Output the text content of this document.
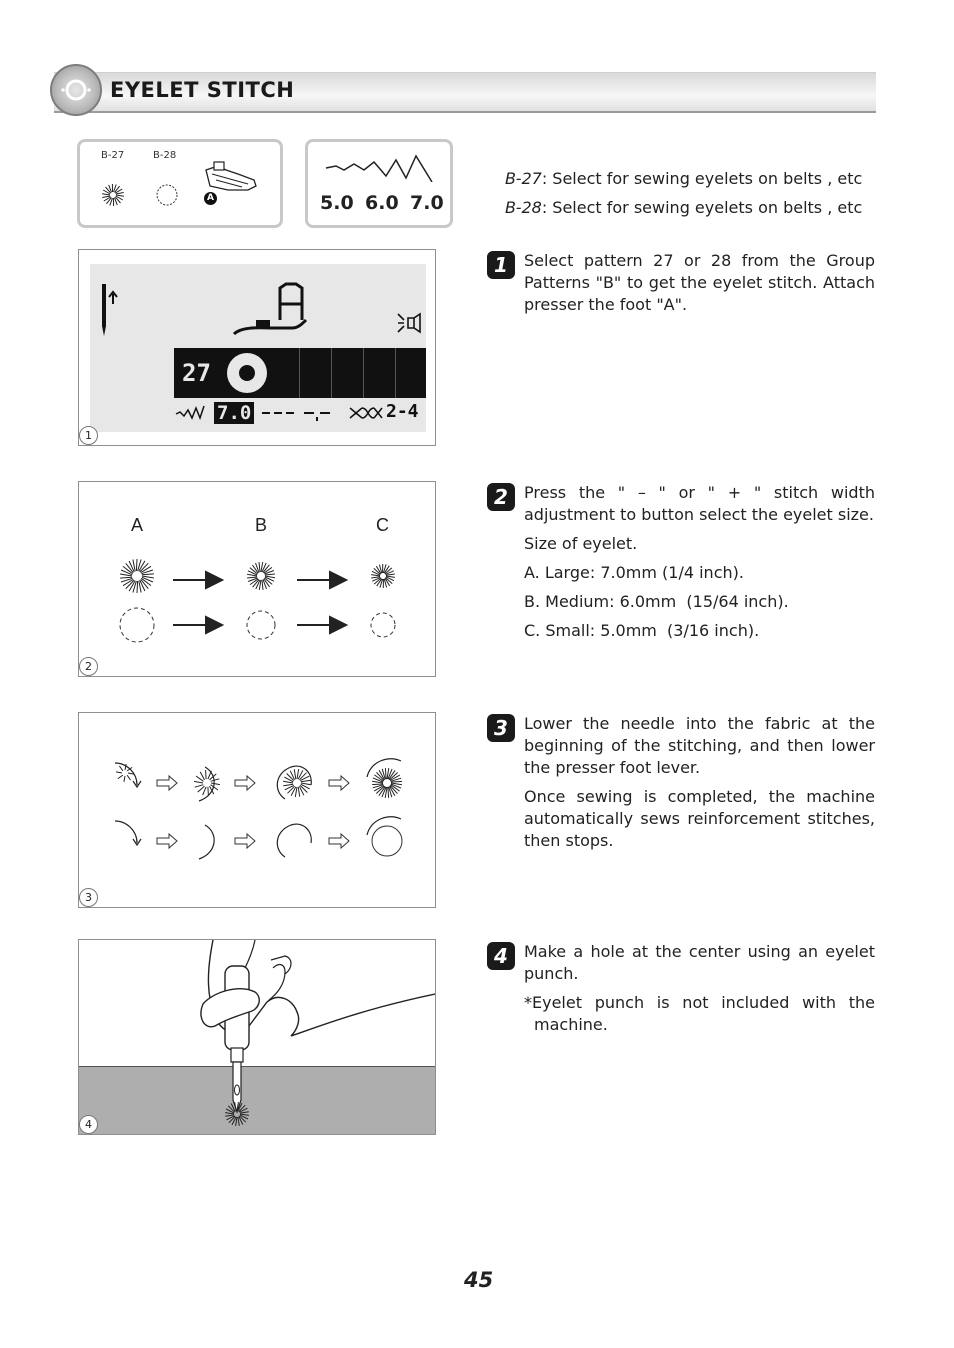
EYELET STITCH
B-27	B-28
A	5.0 6.0 7.0
B-27: Select for sewing eyelets on belts , etc
B-28: Select for sewing eyelets on belts , etc
27
7.0	2-4
1
A	B	C
2
3
4
1	Select pattern 27 or 28 from the Group Patterns "B" to get the eyelet stitch. Attach presser the foot "A".
2	Press the " – " or " + " stitch width adjustment to button select the eyelet size.
Size of eyelet.
A. Large: 7.0mm (1/4 inch).
B. Medium: 6.0mm  (15/64 inch).
C. Small: 5.0mm  (3/16 inch).
3	Lower the needle into the fabric at the beginning of the stitching, and then lower the presser foot lever.
Once sewing is completed, the machine automatically sews reinforcement stitches, then stops.
4	Make a hole at the center using an eyelet punch.
*Eyelet punch is not included with the machine.
45
